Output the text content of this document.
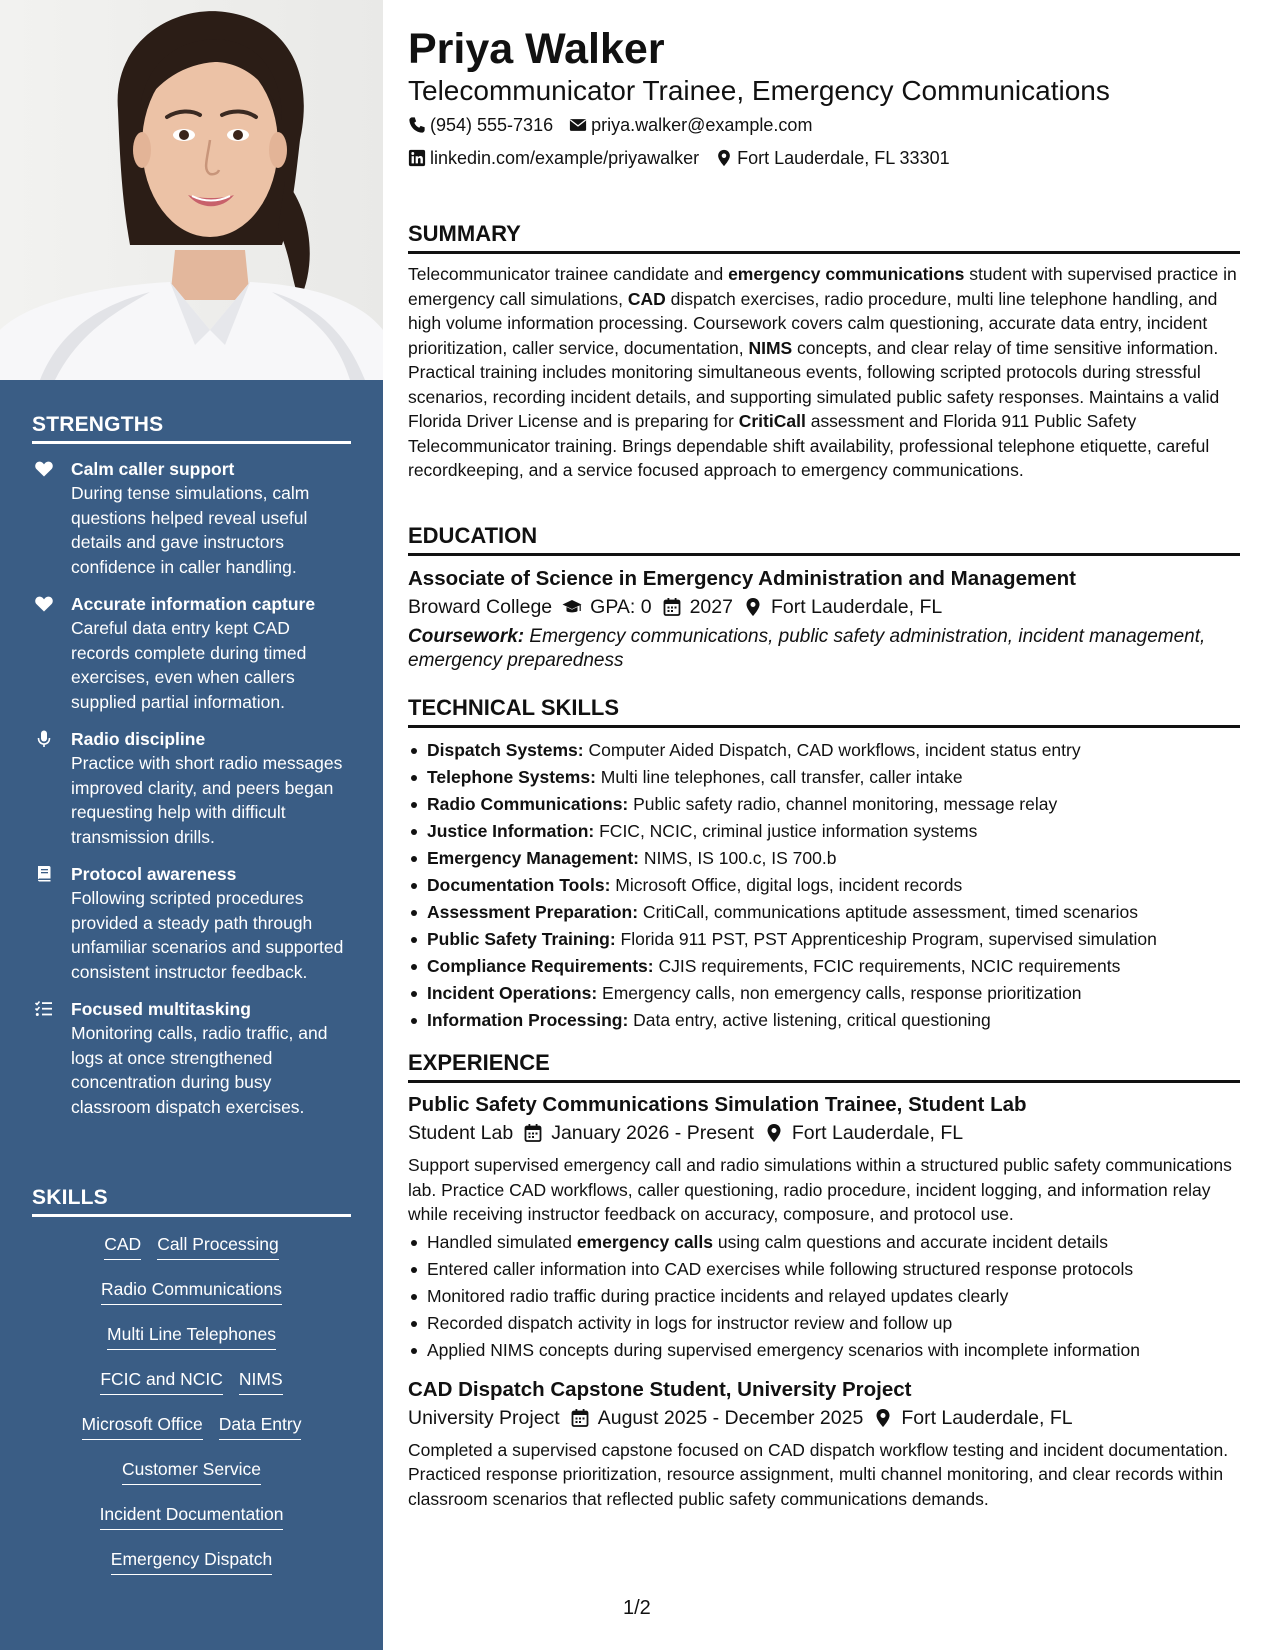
STRENGTHS
Calm caller support
During tense simulations, calm questions helped reveal useful details and gave instructors confidence in caller handling.
Accurate information capture
Careful data entry kept CAD records complete during timed exercises, even when callers supplied partial information.
Radio discipline
Practice with short radio messages improved clarity, and peers began requesting help with difficult transmission drills.
Protocol awareness
Following scripted procedures provided a steady path through unfamiliar scenarios and supported consistent instructor feedback.
Focused multitasking
Monitoring calls, radio traffic, and logs at once strengthened concentration during busy classroom dispatch exercises.
SKILLS
CAD Call Processing
Radio Communications
Multi Line Telephones
FCIC and NCIC NIMS
Microsoft Office Data Entry
Customer Service
Incident Documentation
Emergency Dispatch
Priya Walker
Telecommunicator Trainee, Emergency Communications
(954) 555-7316 priya.walker@example.com
linkedin.com/example/priyawalker Fort Lauderdale, FL 33301
SUMMARY
Telecommunicator trainee candidate and emergency communications student with supervised practice in emergency call simulations, CAD dispatch exercises, radio procedure, multi line telephone handling, and high volume information processing. Coursework covers calm questioning, accurate data entry, incident prioritization, caller service, documentation, NIMS concepts, and clear relay of time sensitive information. Practical training includes monitoring simultaneous events, following scripted protocols during stressful scenarios, recording incident details, and supporting simulated public safety responses. Maintains a valid Florida Driver License and is preparing for CritiCall assessment and Florida 911 Public Safety Telecommunicator training. Brings dependable shift availability, professional telephone etiquette, careful recordkeeping, and a service focused approach to emergency communications.
EDUCATION
Associate of Science in Emergency Administration and Management
Broward College GPA: 0 2027 Fort Lauderdale, FL
Coursework: Emergency communications, public safety administration, incident management, emergency preparedness
TECHNICAL SKILLS
Dispatch Systems: Computer Aided Dispatch, CAD workflows, incident status entry
Telephone Systems: Multi line telephones, call transfer, caller intake
Radio Communications: Public safety radio, channel monitoring, message relay
Justice Information: FCIC, NCIC, criminal justice information systems
Emergency Management: NIMS, IS 100.c, IS 700.b
Documentation Tools: Microsoft Office, digital logs, incident records
Assessment Preparation: CritiCall, communications aptitude assessment, timed scenarios
Public Safety Training: Florida 911 PST, PST Apprenticeship Program, supervised simulation
Compliance Requirements: CJIS requirements, FCIC requirements, NCIC requirements
Incident Operations: Emergency calls, non emergency calls, response prioritization
Information Processing: Data entry, active listening, critical questioning
EXPERIENCE
Public Safety Communications Simulation Trainee, Student Lab
Student Lab January 2026 - Present Fort Lauderdale, FL
Support supervised emergency call and radio simulations within a structured public safety communications lab. Practice CAD workflows, caller questioning, radio procedure, incident logging, and information relay while receiving instructor feedback on accuracy, composure, and protocol use.
Handled simulated emergency calls using calm questions and accurate incident details
Entered caller information into CAD exercises while following structured response protocols
Monitored radio traffic during practice incidents and relayed updates clearly
Recorded dispatch activity in logs for instructor review and follow up
Applied NIMS concepts during supervised emergency scenarios with incomplete information
CAD Dispatch Capstone Student, University Project
University Project August 2025 - December 2025 Fort Lauderdale, FL
Completed a supervised capstone focused on CAD dispatch workflow testing and incident documentation. Practiced response prioritization, resource assignment, multi channel monitoring, and clear records within classroom scenarios that reflected public safety communications demands.
1/2
